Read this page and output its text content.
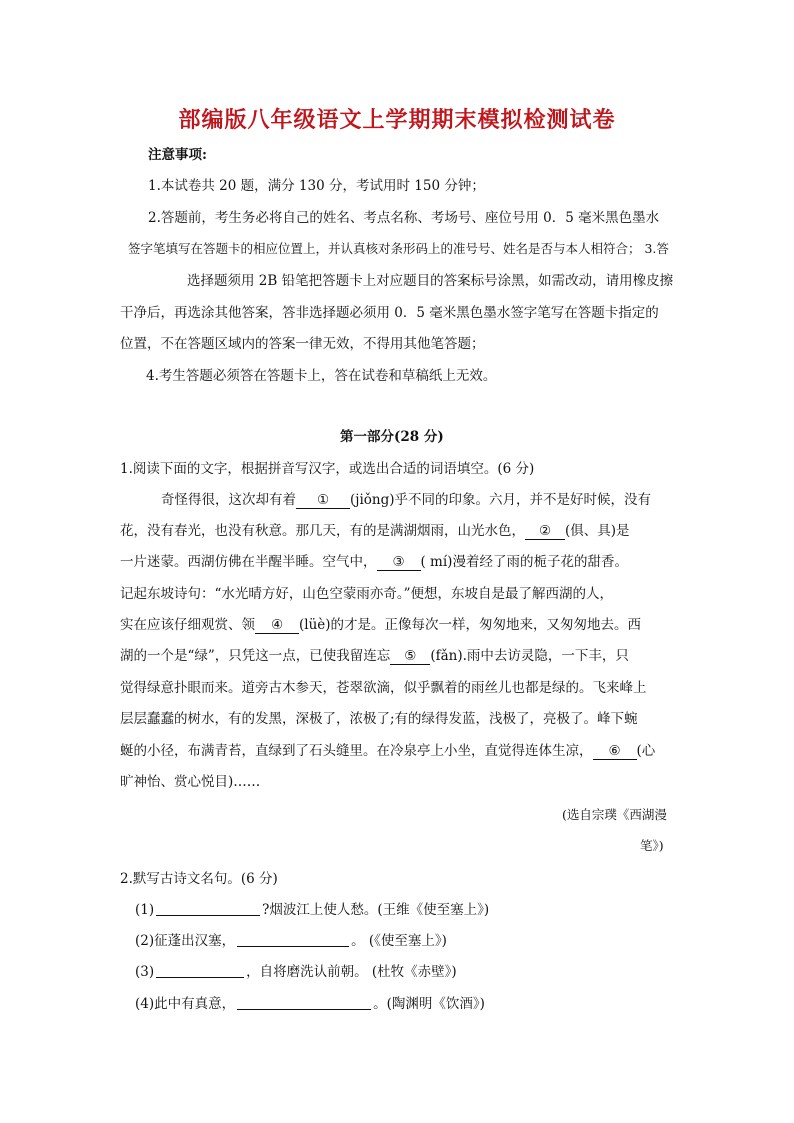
部编版八年级语文上学期期末模拟检测试卷
注意事项:
1.本试卷共 20 题，满分 130 分，考试用时 150 分钟；
2.答题前，考生务必将自己的姓名、考点名称、考场号、座位号用 0．5 毫米黑色墨水
签字笔填写在答题卡的相应位置上，并认真核对条形码上的准号号、姓名是否与本人相符合； 3.答
选择题须用 2B 铅笔把答题卡上对应题目的答案标号涂黑，如需改动，请用橡皮擦
干净后，再选涂其他答案，答非选择题必须用 0．5 毫米黑色墨水签字笔写在答题卡指定的
位置，不在答题区域内的答案一律无效，不得用其他笔答题；
4.考生答题必须答在答题卡上，答在试卷和草稿纸上无效。
第一部分(28 分)
1.阅读下面的文字，根据拼音写汉字，或选出合适的词语填空。(6 分)
奇怪得很，这次却有着 ① (jiǒng)乎不同的印象。六月，并不是好时候，没有
花，没有春光，也没有秋意。那几天，有的是满湖烟雨，山光水色， ② (俱、具)是
一片迷蒙。西湖仿佛在半醒半睡。空气中， ③ ( mí)漫着经了雨的栀子花的甜香。
记起东坡诗句：“水光晴方好，山色空蒙雨亦奇。”便想，东坡自是最了解西湖的人，
实在应该仔细观赏、领 ④ (lüè)的才是。正像每次一样，匆匆地来，又匆匆地去。西
湖的一个是“绿”，只凭这一点，已使我留连忘 ⑤ (fǎn).雨中去访灵隐，一下丰，只
觉得绿意扑眼而来。道旁古木参天，苍翠欲滴，似乎飘着的雨丝儿也都是绿的。飞来峰上
层层蠢蠢的树水，有的发黑，深极了，浓极了;有的绿得发蓝，浅极了，亮极了。峰下蜿
蜒的小径，布满青苔，直绿到了石头缝里。在冷泉亭上小坐，直觉得连体生凉， ⑥ (心
旷神怡、赏心悦目)……
(选自宗璞《西湖漫
笔》)
2.默写古诗文名句。(6 分)
(1)	?烟波江上使人愁。(王维《使至塞上》)
(2)征蓬出汉塞，	。 (《使至塞上》)
(3)	，自将磨洗认前朝。 (杜牧《赤壁》)
(4)此中有真意，	。(陶渊明《饮酒》)
